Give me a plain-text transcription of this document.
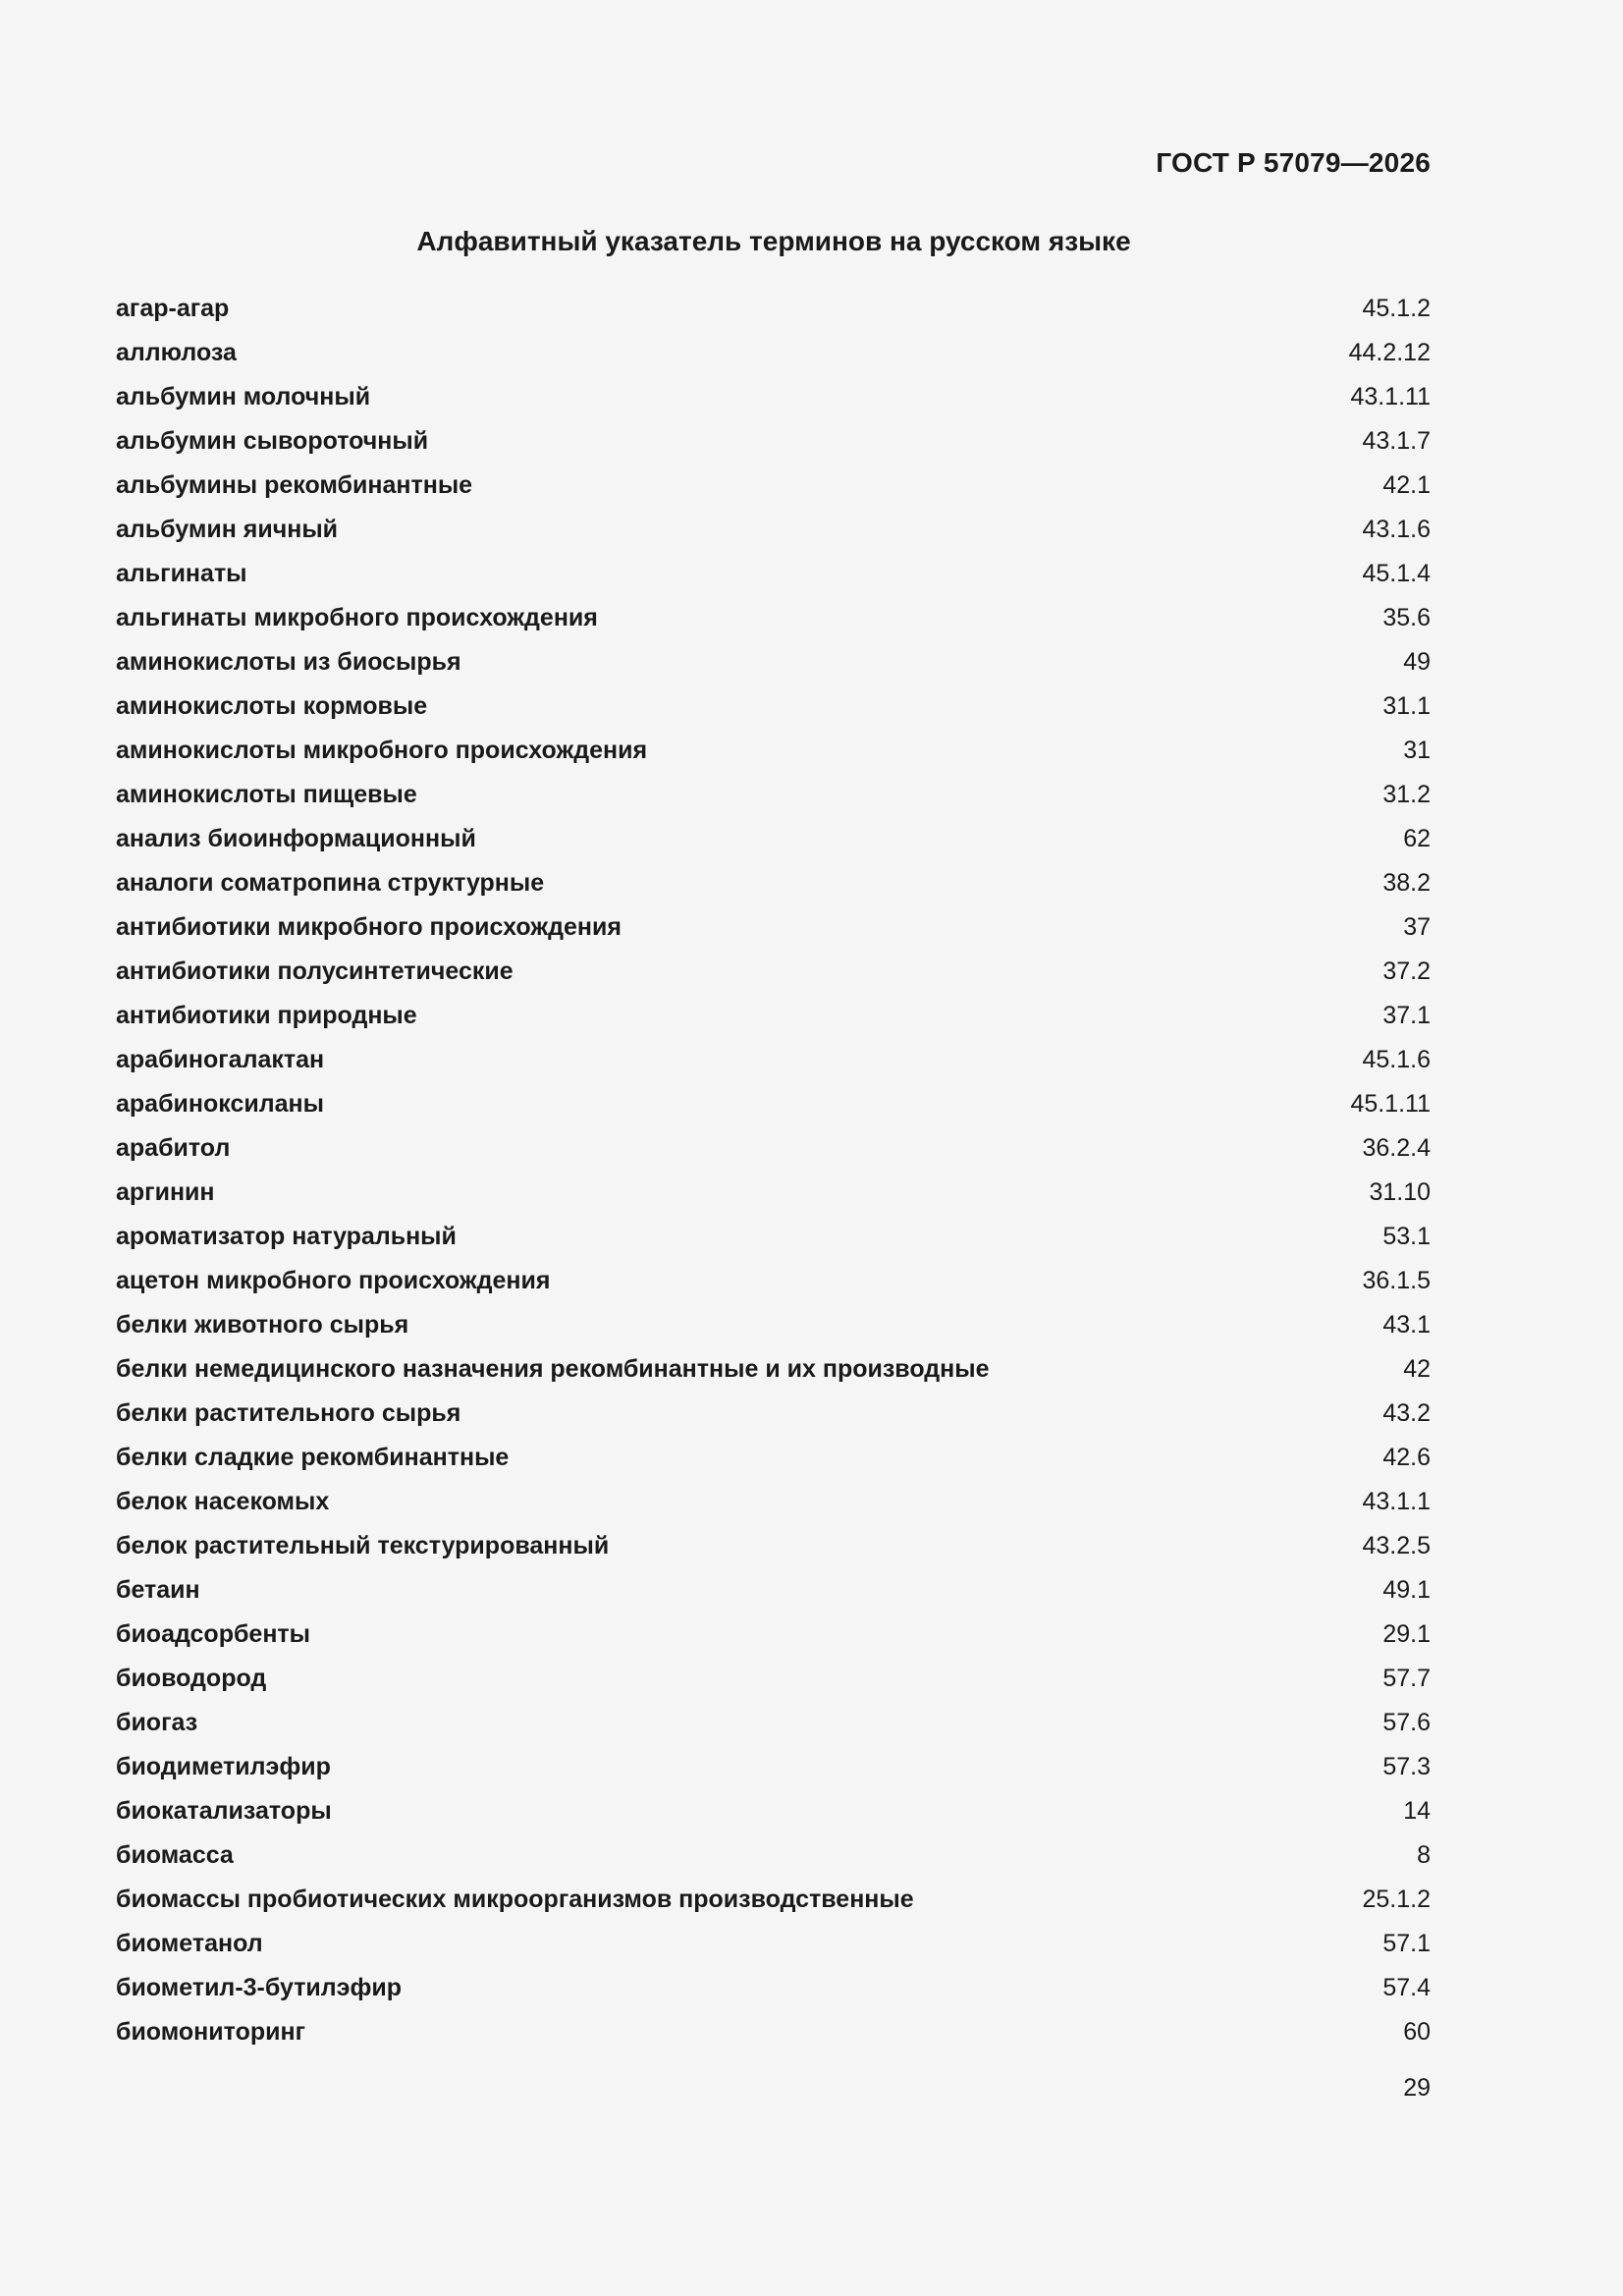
ГОСТ Р 57079—2026
Алфавитный указатель терминов на русском языке
агар-агар	45.1.2
аллюлоза	44.2.12
альбумин молочный	43.1.11
альбумин сывороточный	43.1.7
альбумины рекомбинантные	42.1
альбумин яичный	43.1.6
альгинаты	45.1.4
альгинаты микробного происхождения	35.6
аминокислоты из биосырья	49
аминокислоты кормовые	31.1
аминокислоты микробного происхождения	31
аминокислоты пищевые	31.2
анализ биоинформационный	62
аналоги соматропина структурные	38.2
антибиотики микробного происхождения	37
антибиотики полусинтетические	37.2
антибиотики природные	37.1
арабиногалактан	45.1.6
арабиноксиланы	45.1.11
арабитол	36.2.4
аргинин	31.10
ароматизатор натуральный	53.1
ацетон микробного происхождения	36.1.5
белки животного сырья	43.1
белки немедицинского назначения рекомбинантные и их производные	42
белки растительного сырья	43.2
белки сладкие рекомбинантные	42.6
белок насекомых	43.1.1
белок растительный текстурированный	43.2.5
бетаин	49.1
биоадсорбенты	29.1
биоводород	57.7
биогаз	57.6
биодиметилэфир	57.3
биокатализаторы	14
биомасса	8
биомассы пробиотических микроорганизмов производственные	25.1.2
биометанол	57.1
биометил-3-бутилэфир	57.4
биомониторинг	60
29
